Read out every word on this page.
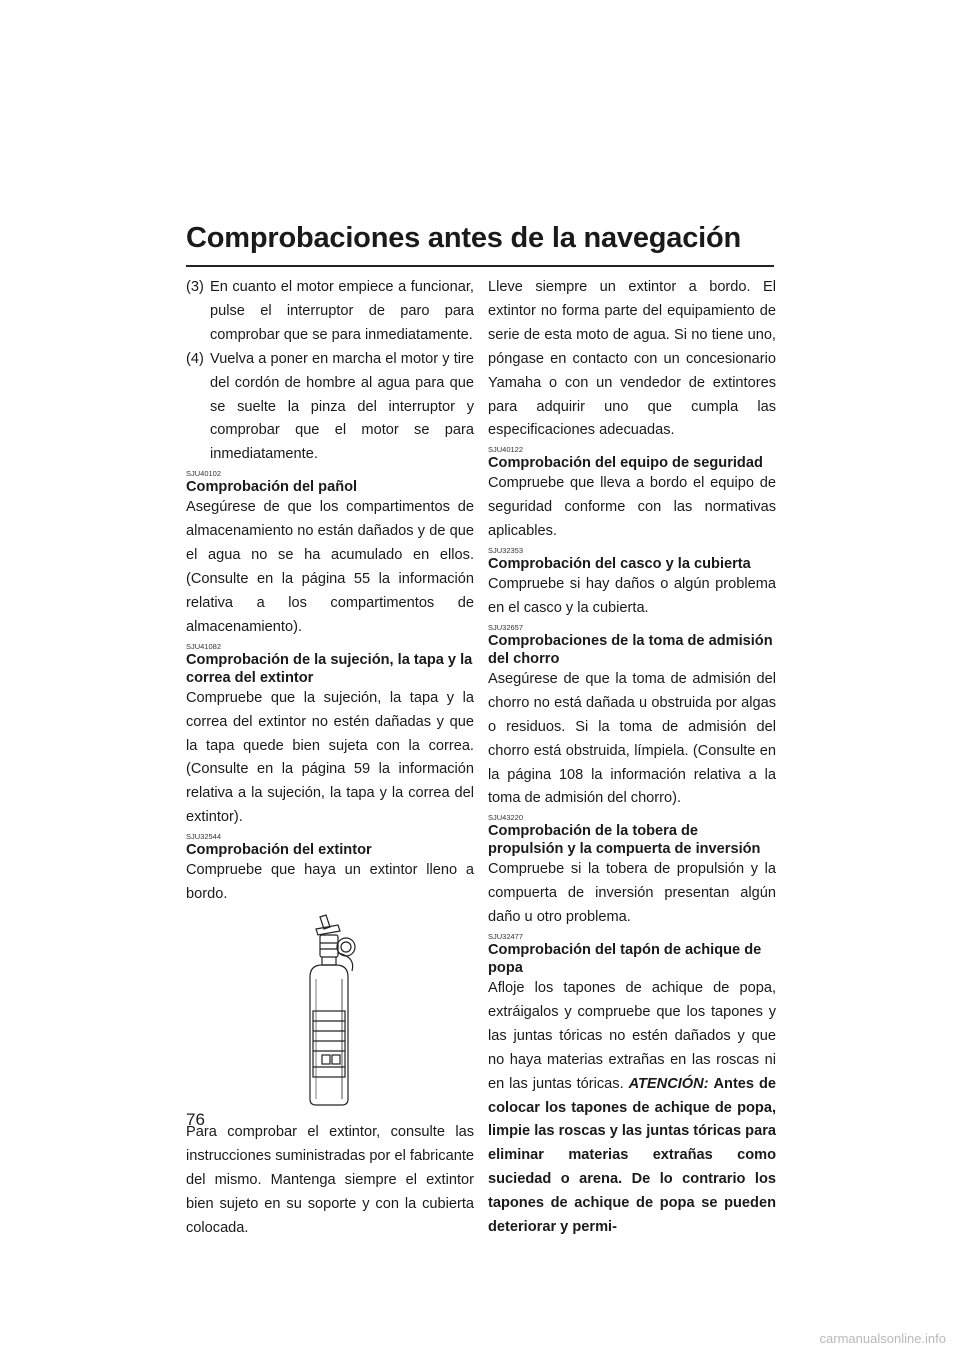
Comprobaciones antes de la navegación
(3) En cuanto el motor empiece a funcionar, pulse el interruptor de paro para comprobar que se para inmediatamente.
(4) Vuelva a poner en marcha el motor y tire del cordón de hombre al agua para que se suelte la pinza del interruptor y comprobar que el motor se para inmediatamente.
SJU40102
Comprobación del pañol

Asegúrese de que los compartimentos de almacenamiento no están dañados y de que el agua no se ha acumulado en ellos. (Consulte en la página 55 la información relativa a los compartimentos de almacenamiento).

SJU41082
Comprobación de la sujeción, la tapa y la correa del extintor

Compruebe que la sujeción, la tapa y la correa del extintor no estén dañadas y que la tapa quede bien sujeta con la correa. (Consulte en la página 59 la información relativa a la sujeción, la tapa y la correa del extintor).

SJU32544
Comprobación del extintor

Compruebe que haya un extintor lleno a bordo.

Para comprobar el extintor, consulte las instrucciones suministradas por el fabricante del mismo. Mantenga siempre el extintor bien sujeto en su soporte y con la cubierta colocada.

Lleve siempre un extintor a bordo. El extintor no forma parte del equipamiento de serie de esta moto de agua. Si no tiene uno, póngase en contacto con un concesionario Yamaha o con un vendedor de extintores para adquirir uno que cumpla las especificaciones adecuadas.

SJU40122
Comprobación del equipo de seguridad

Compruebe que lleva a bordo el equipo de seguridad conforme con las normativas aplicables.

SJU32353
Comprobación del casco y la cubierta

Compruebe si hay daños o algún problema en el casco y la cubierta.

SJU32657
Comprobaciones de la toma de admisión del chorro

Asegúrese de que la toma de admisión del chorro no está dañada u obstruida por algas o residuos. Si la toma de admisión del chorro está obstruida, límpiela. (Consulte en la página 108 la información relativa a la toma de admisión del chorro).

SJU43220
Comprobación de la tobera de propulsión y la compuerta de inversión

Compruebe si la tobera de propulsión y la compuerta de inversión presentan algún daño u otro problema.

SJU32477
Comprobación del tapón de achique de popa

Afloje los tapones de achique de popa, extráigalos y compruebe que los tapones y las juntas tóricas no estén dañados y que no haya materias extrañas en las roscas ni en las juntas tóricas. ATENCIÓN: Antes de colocar los tapones de achique de popa, limpie las roscas y las juntas tóricas para eliminar materias extrañas como suciedad o arena. De lo contrario los tapones de achique de popa se pueden deteriorar y permi-

76
carmanualsonline.info
